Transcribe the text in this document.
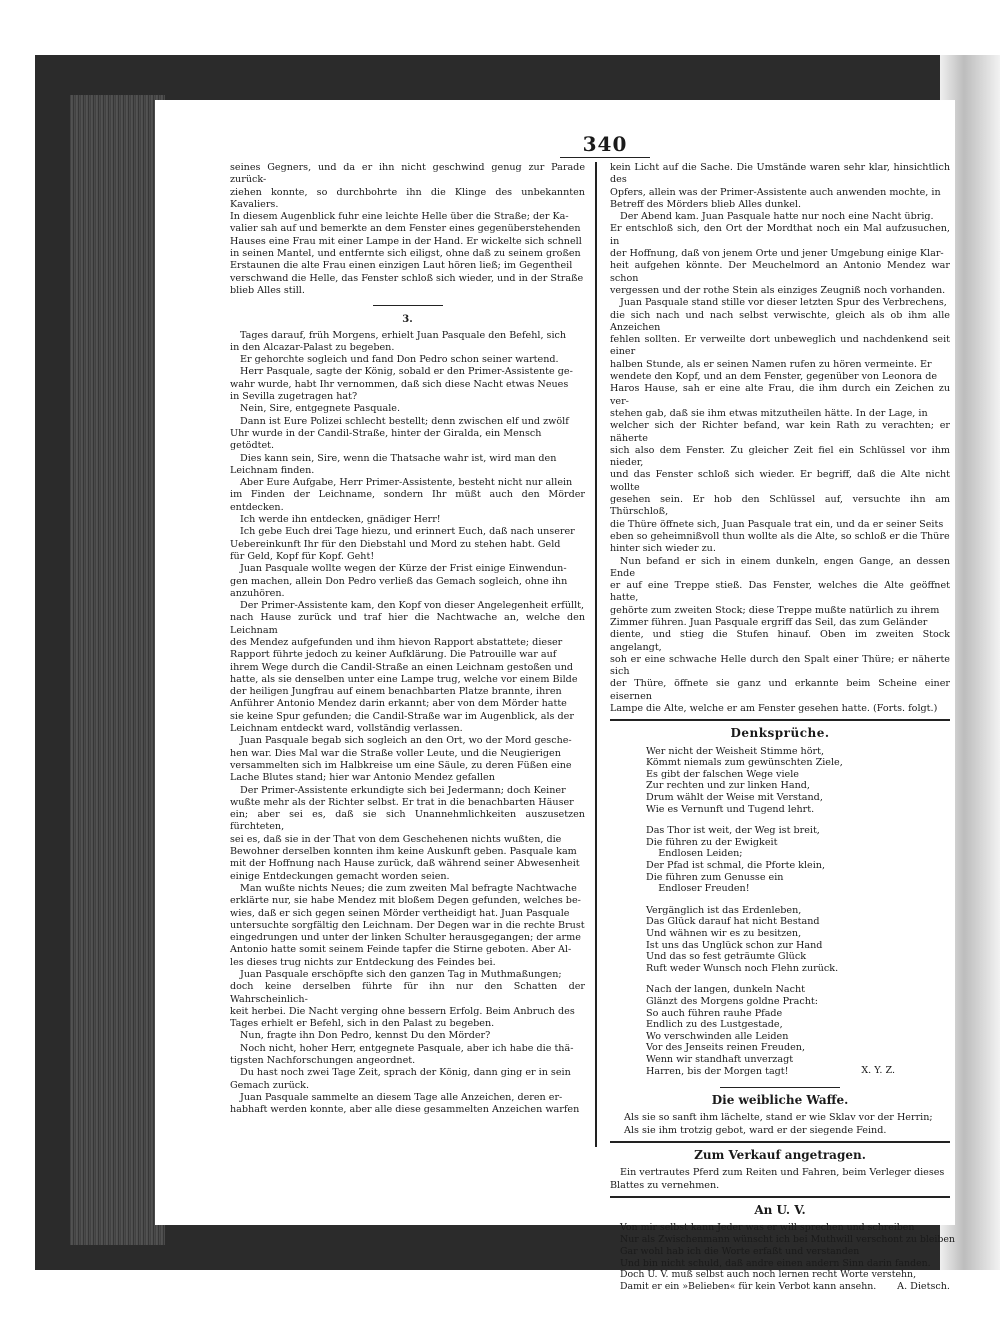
340

seines Gegners, und da er ihn nicht geschwind genug zur Parade zurück-
ziehen konnte, so durchbohrte ihn die Klinge des unbekannten Kavaliers.
In diesem Augenblick fuhr eine leichte Helle über die Straße; der Ka-
valier sah auf und bemerkte an dem Fenster eines gegenüberstehenden
Hauses eine Frau mit einer Lampe in der Hand. Er wickelte sich schnell
in seinen Mantel, und entfernte sich eiligst, ohne daß zu seinem großen
Erstaunen die alte Frau einen einzigen Laut hören ließ; im Gegentheil
verschwand die Helle, das Fenster schloß sich wieder, und in der Straße
blieb Alles still.

3.

Tages darauf, früh Morgens, erhielt Juan Pasquale den Befehl, sich
in den Alcazar-Palast zu begeben.

Er gehorchte sogleich und fand Don Pedro schon seiner wartend.

Herr Pasquale, sagte der König, sobald er den Primer-Assistente ge-
wahr wurde, habt Ihr vernommen, daß sich diese Nacht etwas Neues
in Sevilla zugetragen hat?

Nein, Sire, entgegnete Pasquale.

Dann ist Eure Polizei schlecht bestellt; denn zwischen elf und zwölf
Uhr wurde in der Candil-Straße, hinter der Giralda, ein Mensch
getödtet.

Dies kann sein, Sire, wenn die Thatsache wahr ist, wird man den
Leichnam finden.

Aber Eure Aufgabe, Herr Primer-Assistente, besteht nicht nur allein
im Finden der Leichname, sondern Ihr müßt auch den Mörder entdecken.

Ich werde ihn entdecken, gnädiger Herr!

Ich gebe Euch drei Tage hiezu, und erinnert Euch, daß nach unserer
Uebereinkunft Ihr für den Diebstahl und Mord zu stehen habt. Geld
für Geld, Kopf für Kopf. Geht!

Juan Pasquale wollte wegen der Kürze der Frist einige Einwendun-
gen machen, allein Don Pedro verließ das Gemach sogleich, ohne ihn
anzuhören.

Der Primer-Assistente kam, den Kopf von dieser Angelegenheit erfüllt,
nach Hause zurück und traf hier die Nachtwache an, welche den Leichnam
des Mendez aufgefunden und ihm hievon Rapport abstattete; dieser
Rapport führte jedoch zu keiner Aufklärung. Die Patrouille war auf
ihrem Wege durch die Candil-Straße an einen Leichnam gestoßen und
hatte, als sie denselben unter eine Lampe trug, welche vor einem Bilde
der heiligen Jungfrau auf einem benachbarten Platze brannte, ihren
Anführer Antonio Mendez darin erkannt; aber von dem Mörder hatte
sie keine Spur gefunden; die Candil-Straße war im Augenblick, als der
Leichnam entdeckt ward, vollständig verlassen.

Juan Pasquale begab sich sogleich an den Ort, wo der Mord gesche-
hen war. Dies Mal war die Straße voller Leute, und die Neugierigen
versammelten sich im Halbkreise um eine Säule, zu deren Füßen eine
Lache Blutes stand; hier war Antonio Mendez gefallen

Der Primer-Assistente erkundigte sich bei Jedermann; doch Keiner
wußte mehr als der Richter selbst. Er trat in die benachbarten Häuser
ein; aber sei es, daß sie sich Unannehmlichkeiten auszusetzen fürchteten,
sei es, daß sie in der That von dem Geschehenen nichts wußten, die
Bewohner derselben konnten ihm keine Auskunft geben. Pasquale kam
mit der Hoffnung nach Hause zurück, daß während seiner Abwesenheit
einige Entdeckungen gemacht worden seien.

Man wußte nichts Neues; die zum zweiten Mal befragte Nachtwache
erklärte nur, sie habe Mendez mit bloßem Degen gefunden, welches be-
wies, daß er sich gegen seinen Mörder vertheidigt hat. Juan Pasquale
untersuchte sorgfältig den Leichnam. Der Degen war in die rechte Brust
eingedrungen und unter der linken Schulter herausgegangen; der arme
Antonio hatte somit seinem Feinde tapfer die Stirne geboten. Aber Al-
les dieses trug nichts zur Entdeckung des Feindes bei.

Juan Pasquale erschöpfte sich den ganzen Tag in Muthmaßungen;
doch keine derselben führte für ihn nur den Schatten der Wahrscheinlich-
keit herbei. Die Nacht verging ohne bessern Erfolg. Beim Anbruch des
Tages erhielt er Befehl, sich in den Palast zu begeben.

Nun, fragte ihn Don Pedro, kennst Du den Mörder?

Noch nicht, hoher Herr, entgegnete Pasquale, aber ich habe die thä-
tigsten Nachforschungen angeordnet.

Du hast noch zwei Tage Zeit, sprach der König, dann ging er in sein
Gemach zurück.

Juan Pasquale sammelte an diesem Tage alle Anzeichen, deren er-
habhaft werden konnte, aber alle diese gesammelten Anzeichen warfen

kein Licht auf die Sache. Die Umstände waren sehr klar, hinsichtlich des
Opfers, allein was der Primer-Assistente auch anwenden mochte, in
Betreff des Mörders blieb Alles dunkel.

Der Abend kam. Juan Pasquale hatte nur noch eine Nacht übrig.
Er entschloß sich, den Ort der Mordthat noch ein Mal aufzusuchen, in
der Hoffnung, daß von jenem Orte und jener Umgebung einige Klar-
heit aufgehen könnte. Der Meuchelmord an Antonio Mendez war schon
vergessen und der rothe Stein als einziges Zeugniß noch vorhanden.

Juan Pasquale stand stille vor dieser letzten Spur des Verbrechens,
die sich nach und nach selbst verwischte, gleich als ob ihm alle Anzeichen
fehlen sollten. Er verweilte dort unbeweglich und nachdenkend seit einer
halben Stunde, als er seinen Namen rufen zu hören vermeinte. Er
wendete den Kopf, und an dem Fenster, gegenüber von Leonora de
Haros Hause, sah er eine alte Frau, die ihm durch ein Zeichen zu ver-
stehen gab, daß sie ihm etwas mitzutheilen hätte. In der Lage, in
welcher sich der Richter befand, war kein Rath zu verachten; er näherte
sich also dem Fenster. Zu gleicher Zeit fiel ein Schlüssel vor ihm nieder,
und das Fenster schloß sich wieder. Er begriff, daß die Alte nicht wollte
gesehen sein. Er hob den Schlüssel auf, versuchte ihn am Thürschloß,
die Thüre öffnete sich, Juan Pasquale trat ein, und da er seiner Seits
eben so geheimnißvoll thun wollte als die Alte, so schloß er die Thüre
hinter sich wieder zu.

Nun befand er sich in einem dunkeln, engen Gange, an dessen Ende
er auf eine Treppe stieß. Das Fenster, welches die Alte geöffnet hatte,
gehörte zum zweiten Stock; diese Treppe mußte natürlich zu ihrem
Zimmer führen. Juan Pasquale ergriff das Seil, das zum Geländer
diente, und stieg die Stufen hinauf. Oben im zweiten Stock angelangt,
soh er eine schwache Helle durch den Spalt einer Thüre; er näherte sich
der Thüre, öffnete sie ganz und erkannte beim Scheine einer eisernen
Lampe die Alte, welche er am Fenster gesehen hatte. (Forts. folgt.)

Denksprüche.
Wer nicht der Weisheit Stimme hört,
Kömmt niemals zum gewünschten Ziele,
Es gibt der falschen Wege viele
Zur rechten und zur linken Hand,
Drum wählt der Weise mit Verstand,
Wie es Vernunft und Tugend lehrt.
Das Thor ist weit, der Weg ist breit,
Die führen zu der Ewigkeit
Endlosen Leiden;
Der Pfad ist schmal, die Pforte klein,
Die führen zum Genusse ein
Endloser Freuden!
Vergänglich ist das Erdenleben,
Das Glück darauf hat nicht Bestand
Und wähnen wir es zu besitzen,
Ist uns das Unglück schon zur Hand
Und das so fest geträumte Glück
Ruft weder Wunsch noch Flehn zurück.
Nach der langen, dunkeln Nacht
Glänzt des Morgens goldne Pracht:
So auch führen rauhe Pfade
Endlich zu des Lustgestade,
Wo verschwinden alle Leiden
Vor des Jenseits reinen Freuden,
Wenn wir standhaft unverzagt
Harren, bis der Morgen tagt!	X. Y. Z.
Die weibliche Waffe.

Als sie so sanft ihm lächelte, stand er wie Sklav vor der Herrin;
Als sie ihm trotzig gebot, ward er der siegende Feind.

Zum Verkauf angetragen.

Ein vertrautes Pferd zum Reiten und Fahren, beim Verleger dieses
Blattes zu vernehmen.

An U. V.
Von mir selbst kann Jeder was er will sprechen und schreiben
Nur als Zwischenmann wünscht ich bei Muthwill verschont zu bleiben
Gar wohl hab ich die Worte erfaßt und verstanden
Und bin nicht schuld, daß andre einen andern Sinn darin fanden.
Doch U. V. muß selbst auch noch lernen recht Worte verstehn,
Damit er ein »Belieben« für kein Verbot kann ansehn.	A. Dietsch.
